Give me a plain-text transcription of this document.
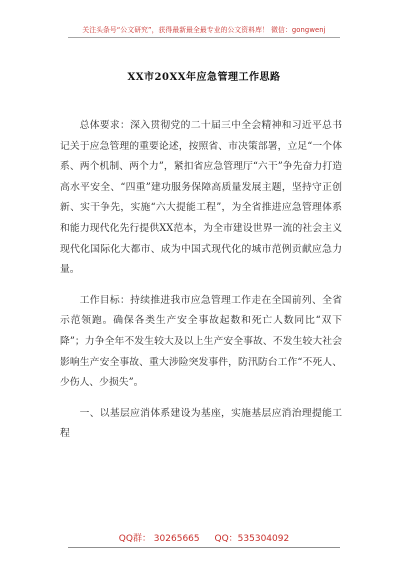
关注头条号“公文研究”，获得最新最全最专业的公文资料库！ 微信：gongwenj
XX市20XX年应急管理工作思路

总体要求：深入贯彻党的二十届三中全会精神和习近平总书记关于应急管理的重要论述，按照省、市决策部署，立足“一个体系、两个机制、两个力”，紧扣省应急管理厅“六干”争先奋力打造高水平安全、“四重”建功服务保障高质量发展主题，坚持守正创新、实干争先，实施“六大提能工程”，为全省推进应急管理体系和能力现代化先行提供XX范本，为全市建设世界一流的社会主义现代化国际化大都市、成为中国式现代化的城市范例贡献应急力量。

工作目标：持续推进我市应急管理工作走在全国前列、全省示范领跑。确保各类生产安全事故起数和死亡人数同比“双下降”；力争全年不发生较大及以上生产安全事故、不发生较大社会影响生产安全事故、重大涉险突发事件，防汛防台工作“不死人、少伤人、少损失”。

一、以基层应消体系建设为基座，实施基层应消治理提能工程

QQ群： 30265665 QQ：535304092
